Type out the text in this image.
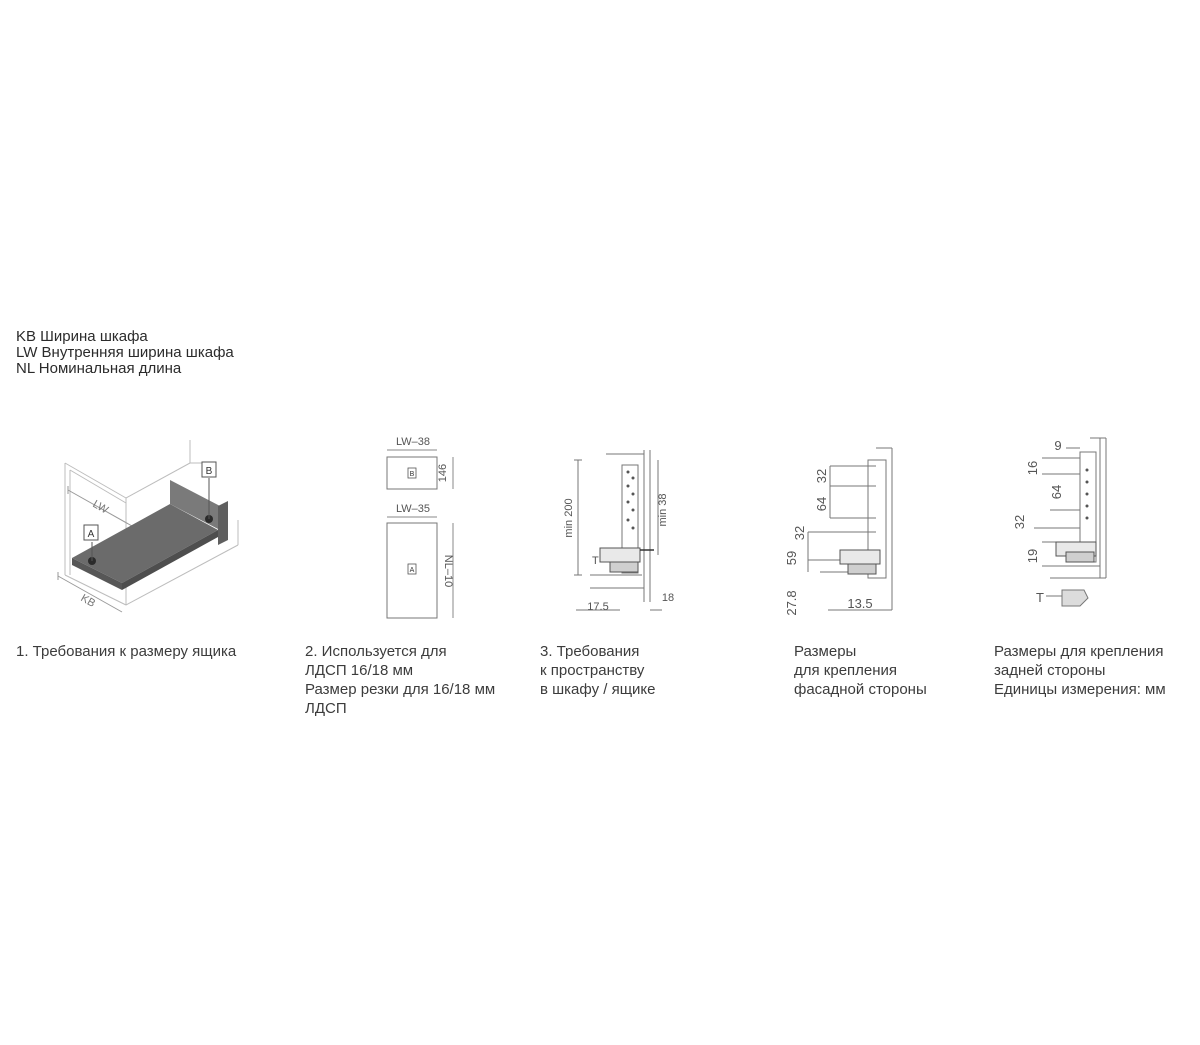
KB Ширина шкафа
LW Внутренняя ширина шкафа
NL Номинальная длина
LW
A
B
KB
1. Требования к размеру ящика
LW–38
B 146
LW–35
A	NL–10
2. Используется для
ЛДСП 16/18 мм
Размер резки для 16/18 мм
ЛДСП
min 200	min 38
T
17.5
18
3. Требования
к пространству
в шкафу / ящике
32
64
32
59
27.8	13.5
Размеры
для крепления
фасадной стороны
9
16
64
32
19
T
Размеры для крепления
задней стороны
Единицы измерения: мм
